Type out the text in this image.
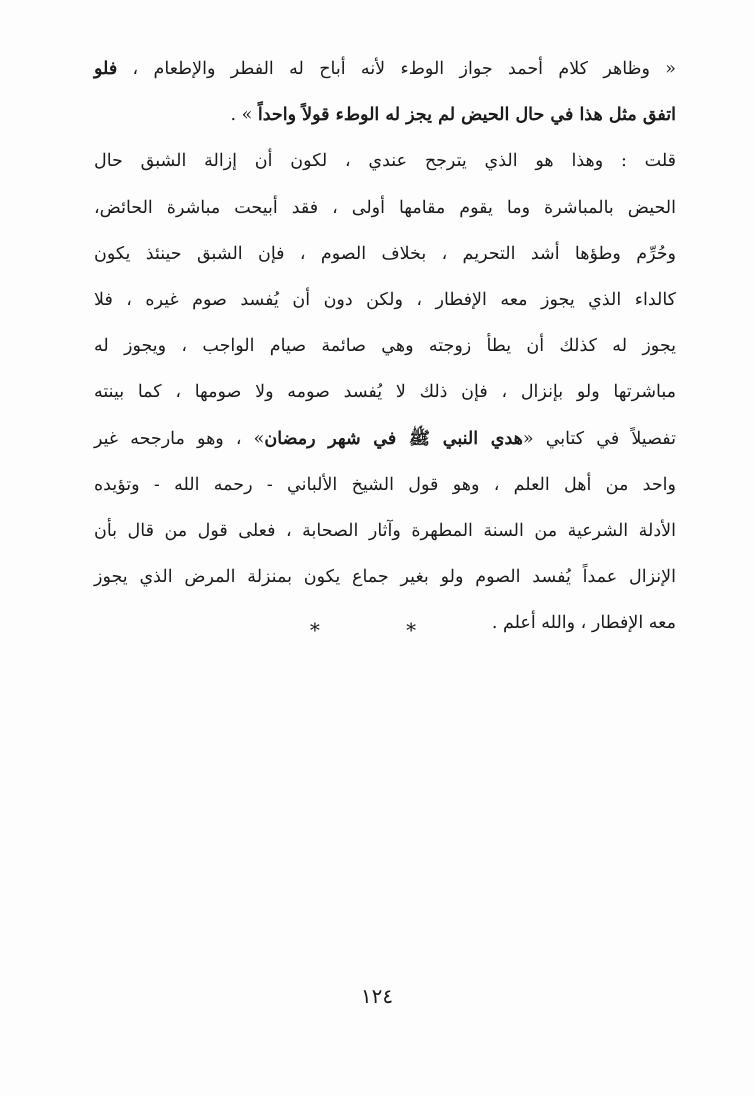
« وظاهر كلام أحمد جواز الوطء لأنه أباح له الفطر والإطعام ، فلو
اتفق مثل هذا في حال الحيض لم يجز له الوطء قولاً واحداً » .
قلت : وهذا هو الذي يترجح عندي ، لكون أن إزالة الشبق حال
الحيض بالمباشرة وما يقوم مقامها أولى ، فقد أبيحت مباشرة الحائض،
وحُرِّم وطؤها أشد التحريم ، بخلاف الصوم ، فإن الشبق حينئذ يكون
كالداء الذي يجوز معه الإفطار ، ولكن دون أن يُفسد صوم غيره ، فلا
يجوز له كذلك أن يطأ زوجته وهي صائمة صيام الواجب ، ويجوز له
مباشرتها ولو بإنزال ، فإن ذلك لا يُفسد صومه ولا صومها ، كما بينته
تفصيلاً في كتابي «هدي النبي ﷺ في شهر رمضان» ، وهو مارجحه غير
واحد من أهل العلم ، وهو قول الشيخ الألباني - رحمه الله - وتؤيده
الأدلة الشرعية من السنة المطهرة وآثار الصحابة ، فعلى قول من قال بأن
الإنزال عمداً يُفسد الصوم ولو بغير جماع يكون بمنزلة المرض الذي يجوز
معه الإفطار ، والله أعلم .
*	*
١٢٤
